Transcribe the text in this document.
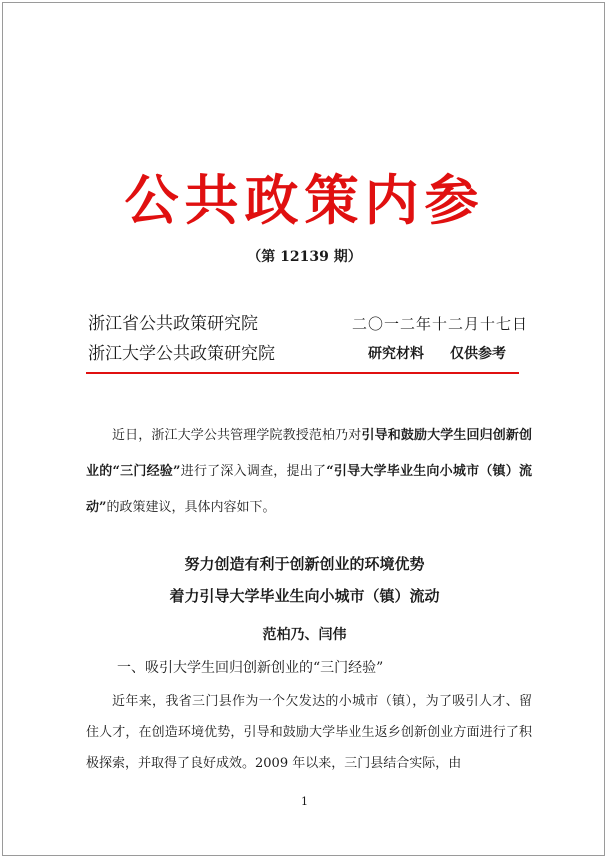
公共政策内参
（第 12139 期）
浙江省公共政策研究院
浙江大学公共政策研究院
二〇一二年十二月十七日
研究材料 仅供参考
近日，浙江大学公共管理学院教授范柏乃对引导和鼓励大学生回归创新创业的“三门经验”进行了深入调查，提出了“引导大学毕业生向小城市（镇）流动”的政策建议，具体内容如下。
努力创造有利于创新创业的环境优势
着力引导大学毕业生向小城市（镇）流动
范柏乃、闫伟
一、吸引大学生回归创新创业的“三门经验”
近年来，我省三门县作为一个欠发达的小城市（镇），为了吸引人才、留住人才，在创造环境优势，引导和鼓励大学毕业生返乡创新创业方面进行了积极探索，并取得了良好成效。2009 年以来，三门县结合实际，由
1
